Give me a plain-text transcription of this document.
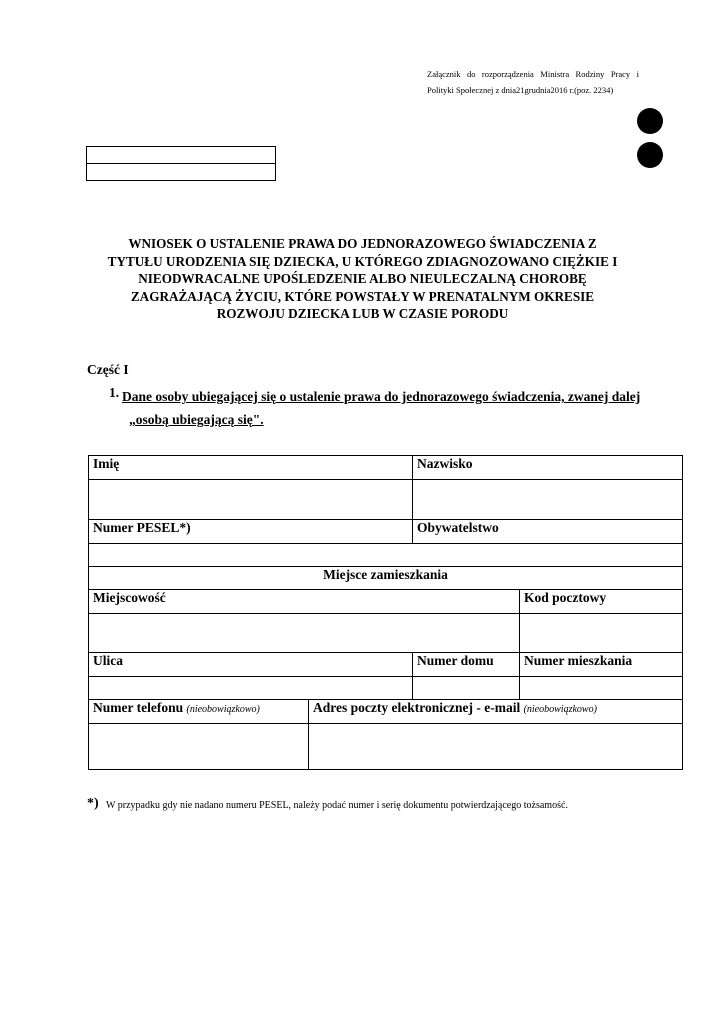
Załącznik do rozporządzenia Ministra Rodziny Pracy i
Polityki Społecznej z dnia21grudnia2016 r.(poz. 2234)
WNIOSEK O USTALENIE PRAWA DO JEDNORAZOWEGO ŚWIADCZENIA Z
TYTUŁU URODZENIA SIĘ DZIECKA, U KTÓREGO ZDIAGNOZOWANO CIĘŻKIE I
NIEODWRACALNE UPOŚLEDZENIE ALBO NIEULECZALNĄ CHOROBĘ
ZAGRAŻAJĄCĄ ŻYCIU, KTÓRE POWSTAŁY W PRENATALNYM OKRESIE
ROZWOJU DZIECKA LUB W CZASIE PORODU
Część I
1. Dane osoby ubiegającej się o ustalenie prawa do jednorazowego świadczenia, zwanej dalej
„osobą ubiegającą się".
Imię		Nazwisko	

Numer PESEL*)		Obywatelstwo	

Miejsce zamieszkania			
Miejscowość			Kod pocztowy

Ulica		Numer domu	Numer mieszkania

Numer telefonu (nieobowiązkowo)	Adres poczty elektronicznej - e-mail (nieobowiązkowo)		

*) W przypadku gdy nie nadano numeru PESEL, należy podać numer i serię dokumentu potwierdzającego tożsamość.
